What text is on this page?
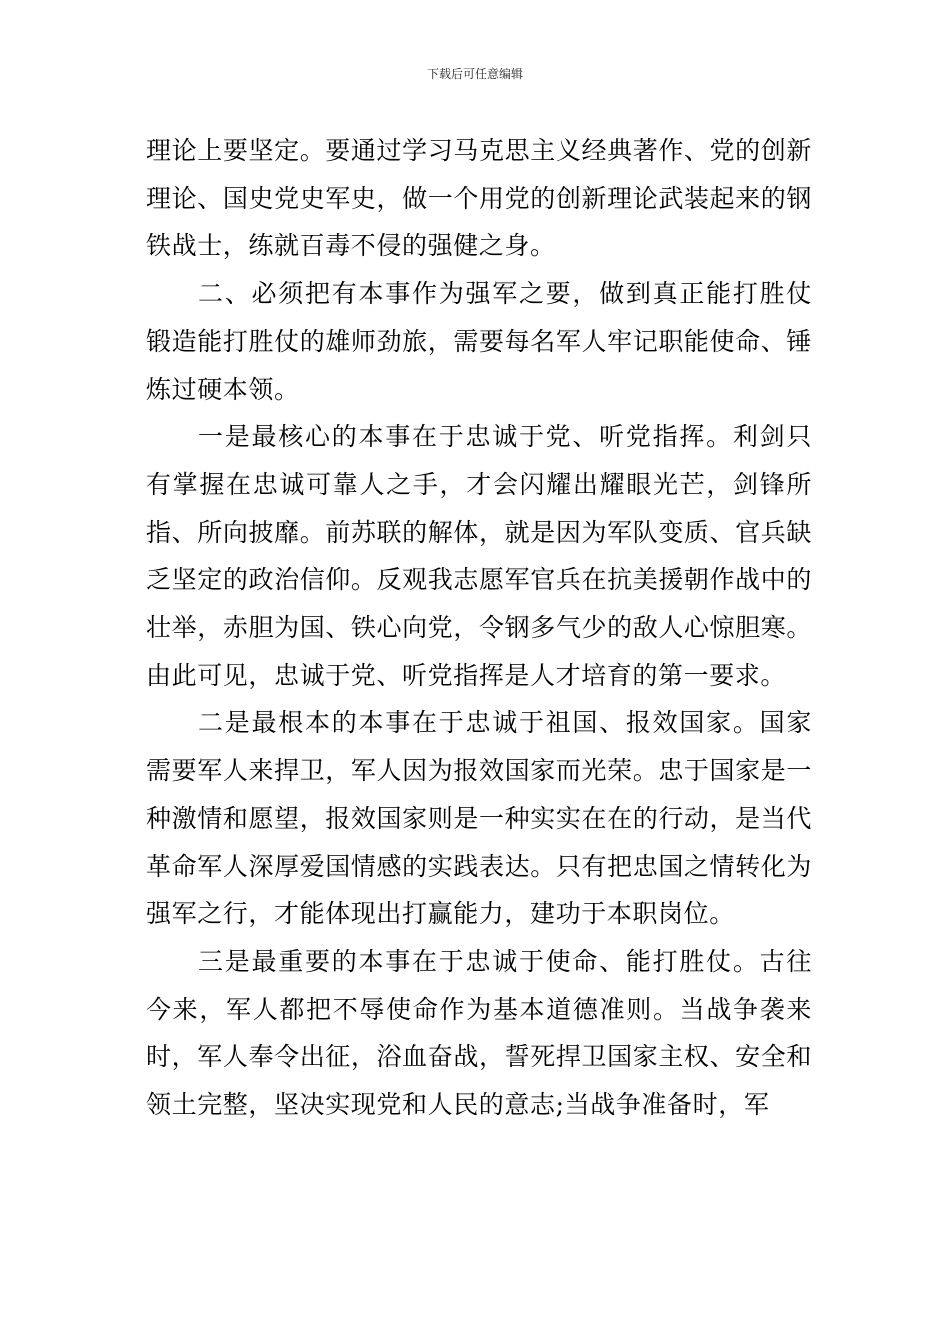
下载后可任意编辑

理论上要坚定。要通过学习马克思主义经典著作、党的创新理论、国史党史军史，做一个用党的创新理论武装起来的钢铁战士，练就百毒不侵的强健之身。

二、必须把有本事作为强军之要，做到真正能打胜仗锻造能打胜仗的雄师劲旅，需要每名军人牢记职能使命、锤炼过硬本领。

一是最核心的本事在于忠诚于党、听党指挥。利剑只有掌握在忠诚可靠人之手，才会闪耀出耀眼光芒，剑锋所指、所向披靡。前苏联的解体，就是因为军队变质、官兵缺乏坚定的政治信仰。反观我志愿军官兵在抗美援朝作战中的壮举，赤胆为国、铁心向党，令钢多气少的敌人心惊胆寒。由此可见，忠诚于党、听党指挥是人才培育的第一要求。

二是最根本的本事在于忠诚于祖国、报效国家。国家需要军人来捍卫，军人因为报效国家而光荣。忠于国家是一种激情和愿望，报效国家则是一种实实在在的行动，是当代革命军人深厚爱国情感的实践表达。只有把忠国之情转化为强军之行，才能体现出打赢能力，建功于本职岗位。

三是最重要的本事在于忠诚于使命、能打胜仗。古往今来，军人都把不辱使命作为基本道德准则。当战争袭来时，军人奉令出征，浴血奋战，誓死捍卫国家主权、安全和领土完整，坚决实现党和人民的意志;当战争准备时，军
